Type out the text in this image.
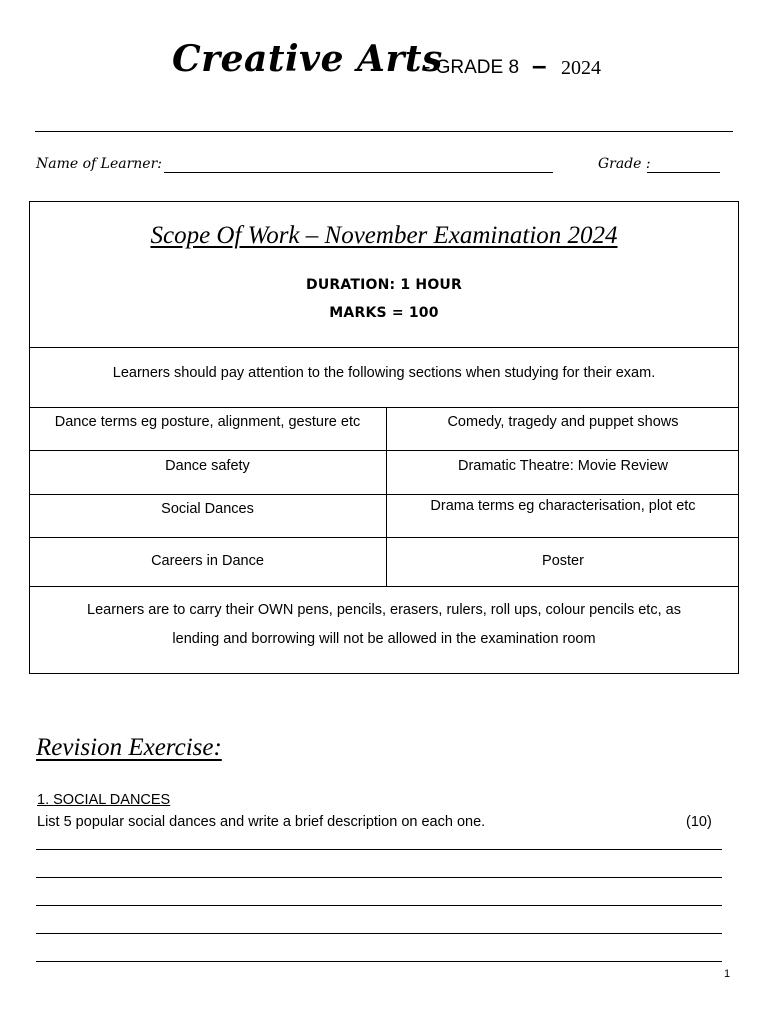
Creative Arts
- GRADE 8 – 2024
Name of Learner:	Grade :
Scope Of Work – November Examination 2024
DURATION: 1 HOUR
MARKS = 100
Learners should pay attention to the following sections when studying for their exam.
Dance terms eg posture, alignment, gesture etc	Comedy, tragedy and puppet shows
Dance safety	Dramatic Theatre: Movie Review
Social Dances	Drama terms eg characterisation, plot etc
Careers in Dance	Poster
Learners are to carry their OWN pens, pencils, erasers, rulers, roll ups, colour pencils etc, as
lending and borrowing will not be allowed in the examination room
Revision Exercise:
1. SOCIAL DANCES
List 5 popular social dances and write a brief description on each one.	(10)
1
